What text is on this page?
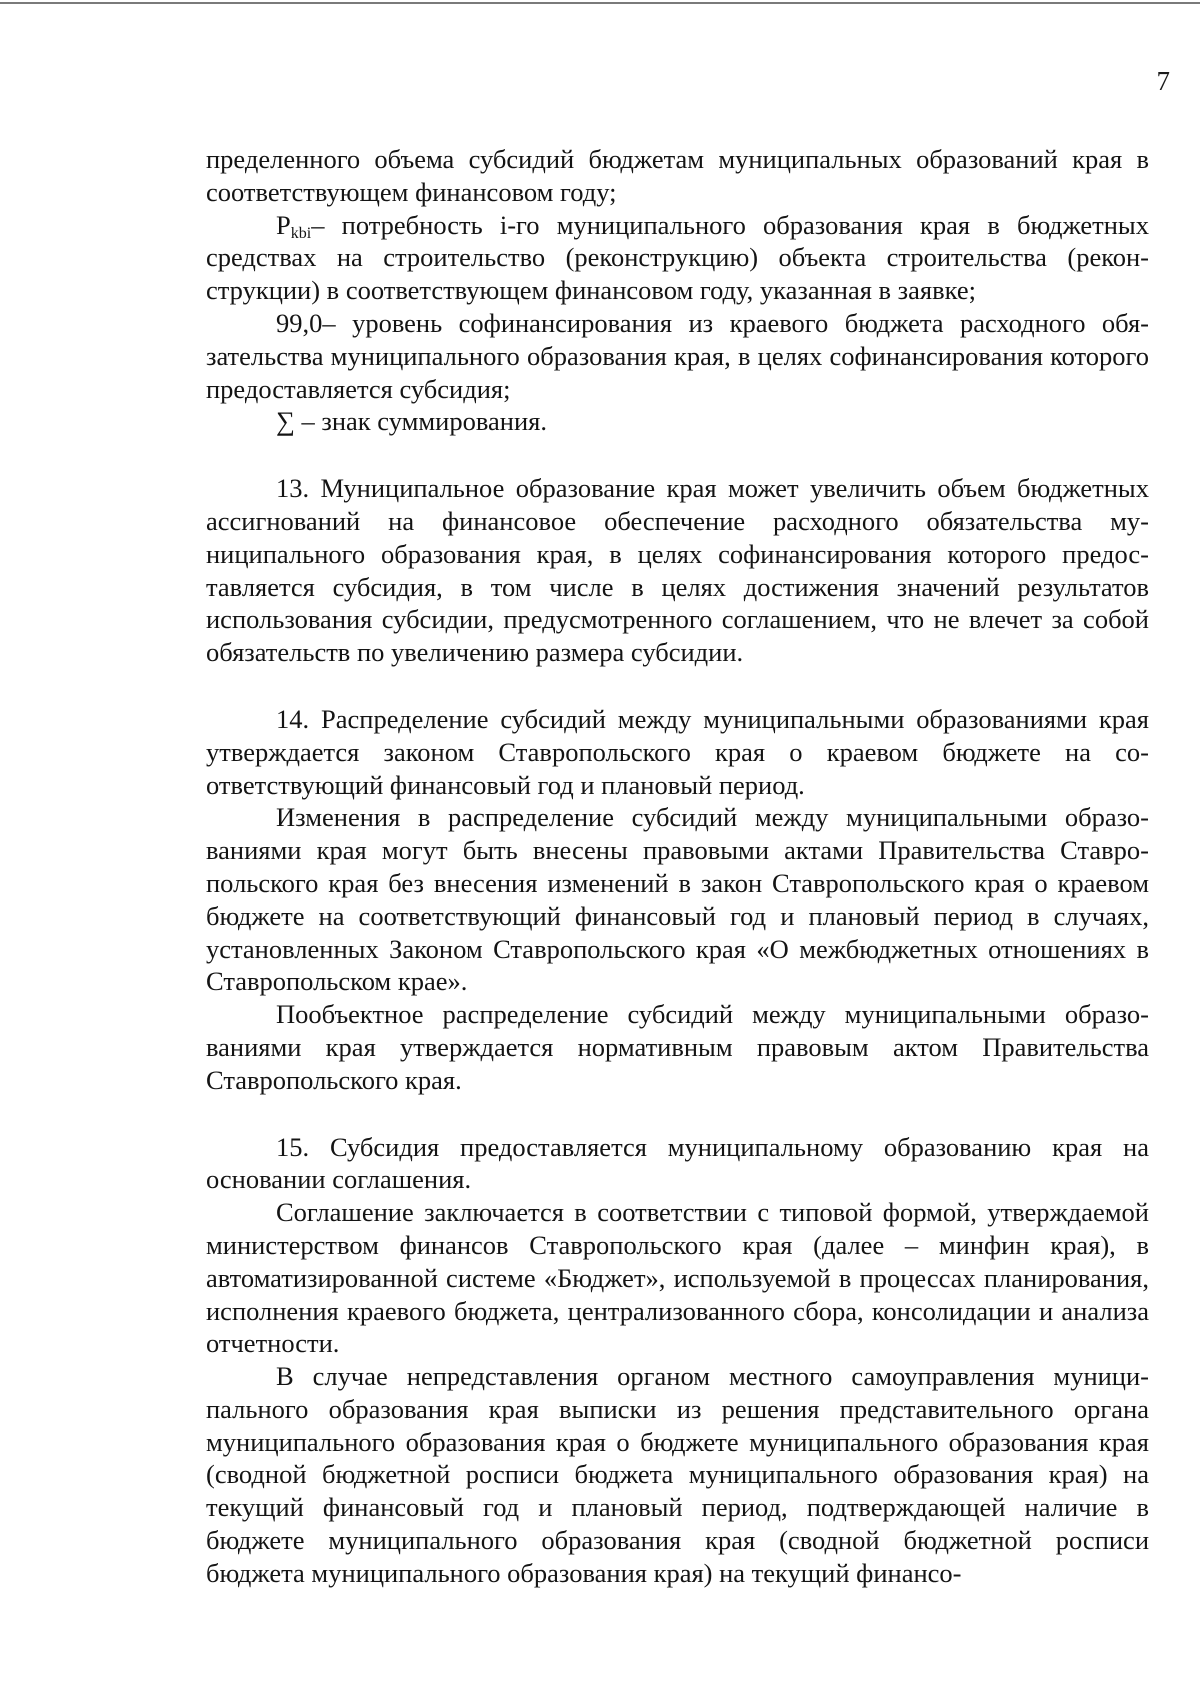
7

пределенного объема субсидий бюджетам муниципальных образований края в соответствующем финансовом году;

$P_{kbi}-$ потребность i-го муниципального образования края в бюджетных средствах на строительство (реконструкцию) объекта строительства (реконструкции) в соответствующем финансовом году, указанная в заявке;

99,0– уровень софинансирования из краевого бюджета расходного обязательства муниципального образования края, в целях софинансирования которого предоставляется субсидия;

∑ – знак суммирования.

13. Муниципальное образование края может увеличить объем бюджетных ассигнований на финансовое обеспечение расходного обязательства муниципального образования края, в целях софинансирования которого предоставляется субсидия, в том числе в целях достижения значений результатов использования субсидии, предусмотренного соглашением, что не влечет за собой обязательств по увеличению размера субсидии.

14. Распределение субсидий между муниципальными образованиями края утверждается законом Ставропольского края о краевом бюджете на соответствующий финансовый год и плановый период.

Изменения в распределение субсидий между муниципальными образованиями края могут быть внесены правовыми актами Правительства Ставропольского края без внесения изменений в закон Ставропольского края о краевом бюджете на соответствующий финансовый год и плановый период в случаях, установленных Законом Ставропольского края «О межбюджетных отношениях в Ставропольском крае».

Пообъектное распределение субсидий между муниципальными образованиями края утверждается нормативным правовым актом Правительства Ставропольского края.

15. Субсидия предоставляется муниципальному образованию края на основании соглашения.

Соглашение заключается в соответствии с типовой формой, утверждаемой министерством финансов Ставропольского края (далее – минфин края), в автоматизированной системе «Бюджет», используемой в процессах планирования, исполнения краевого бюджета, централизованного сбора, консолидации и анализа отчетности.

В случае непредставления органом местного самоуправления муниципального образования края выписки из решения представительного органа муниципального образования края о бюджете муниципального образования края (сводной бюджетной росписи бюджета муниципального образования края) на текущий финансовый год и плановый период, подтверждающей наличие в бюджете муниципального образования края (сводной бюджетной росписи бюджета муниципального образования края) на текущий финансо-
